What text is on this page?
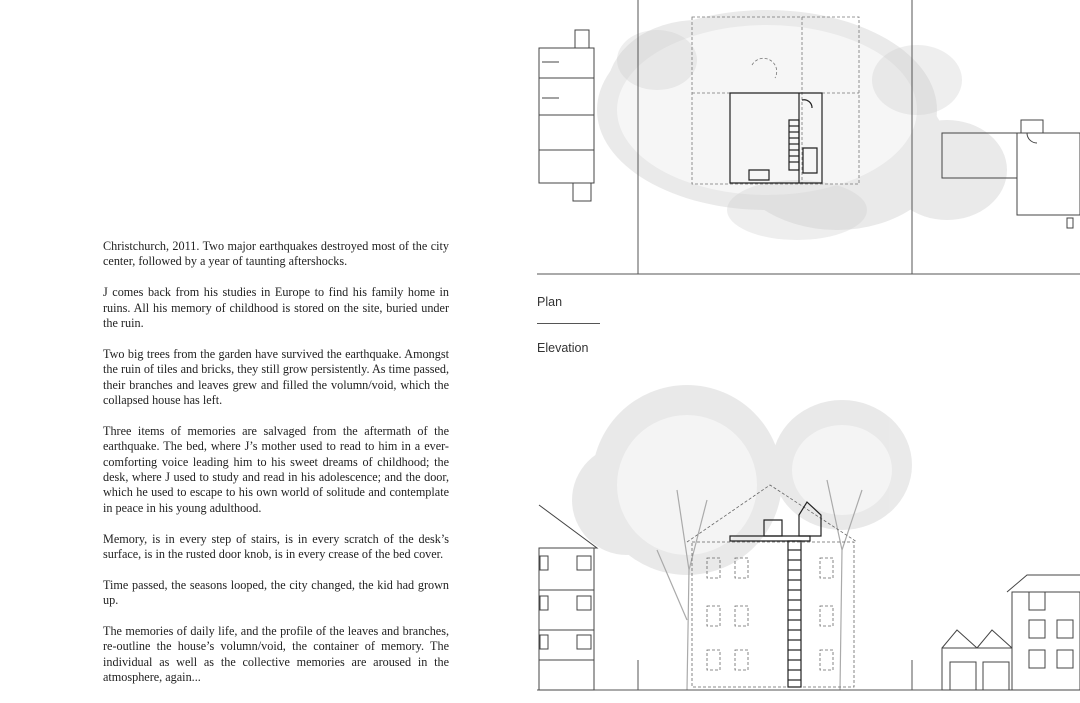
Christchurch, 2011. Two major earthquakes destroyed most of the city center, followed by a year of taunting aftershocks.

J comes back from his studies in Europe to find his family home in ruins. All his memory of childhood is stored on the site, buried under the ruin.

Two big trees from the garden have survived the earthquake. Amongst the ruin of tiles and bricks, they still grow persistently. As time passed, their branches and leaves grew and filled the volumn/void, which the collapsed house has left.

Three items of memories are salvaged from the aftermath of the earthquake. The bed, where J’s mother used to read to him in a ever-comforting voice leading him to his sweet dreams of childhood; the desk, where J used to study and read in his adolescence; and the door, which he used to escape to his own world of solitude and contemplate in peace in his young adulthood.

Memory, is in every step of stairs, is in every scratch of the desk’s surface, is in the rusted door knob, is in every crease of the bed cover.

Time passed, the seasons looped, the city changed, the kid had grown up.

The memories of daily life, and the profile of the leaves and branches, re-outline the house’s volumn/void, the container of memory. The individual as well as the collective memories are aroused in the atmosphere, again...

Plan
Elevation
